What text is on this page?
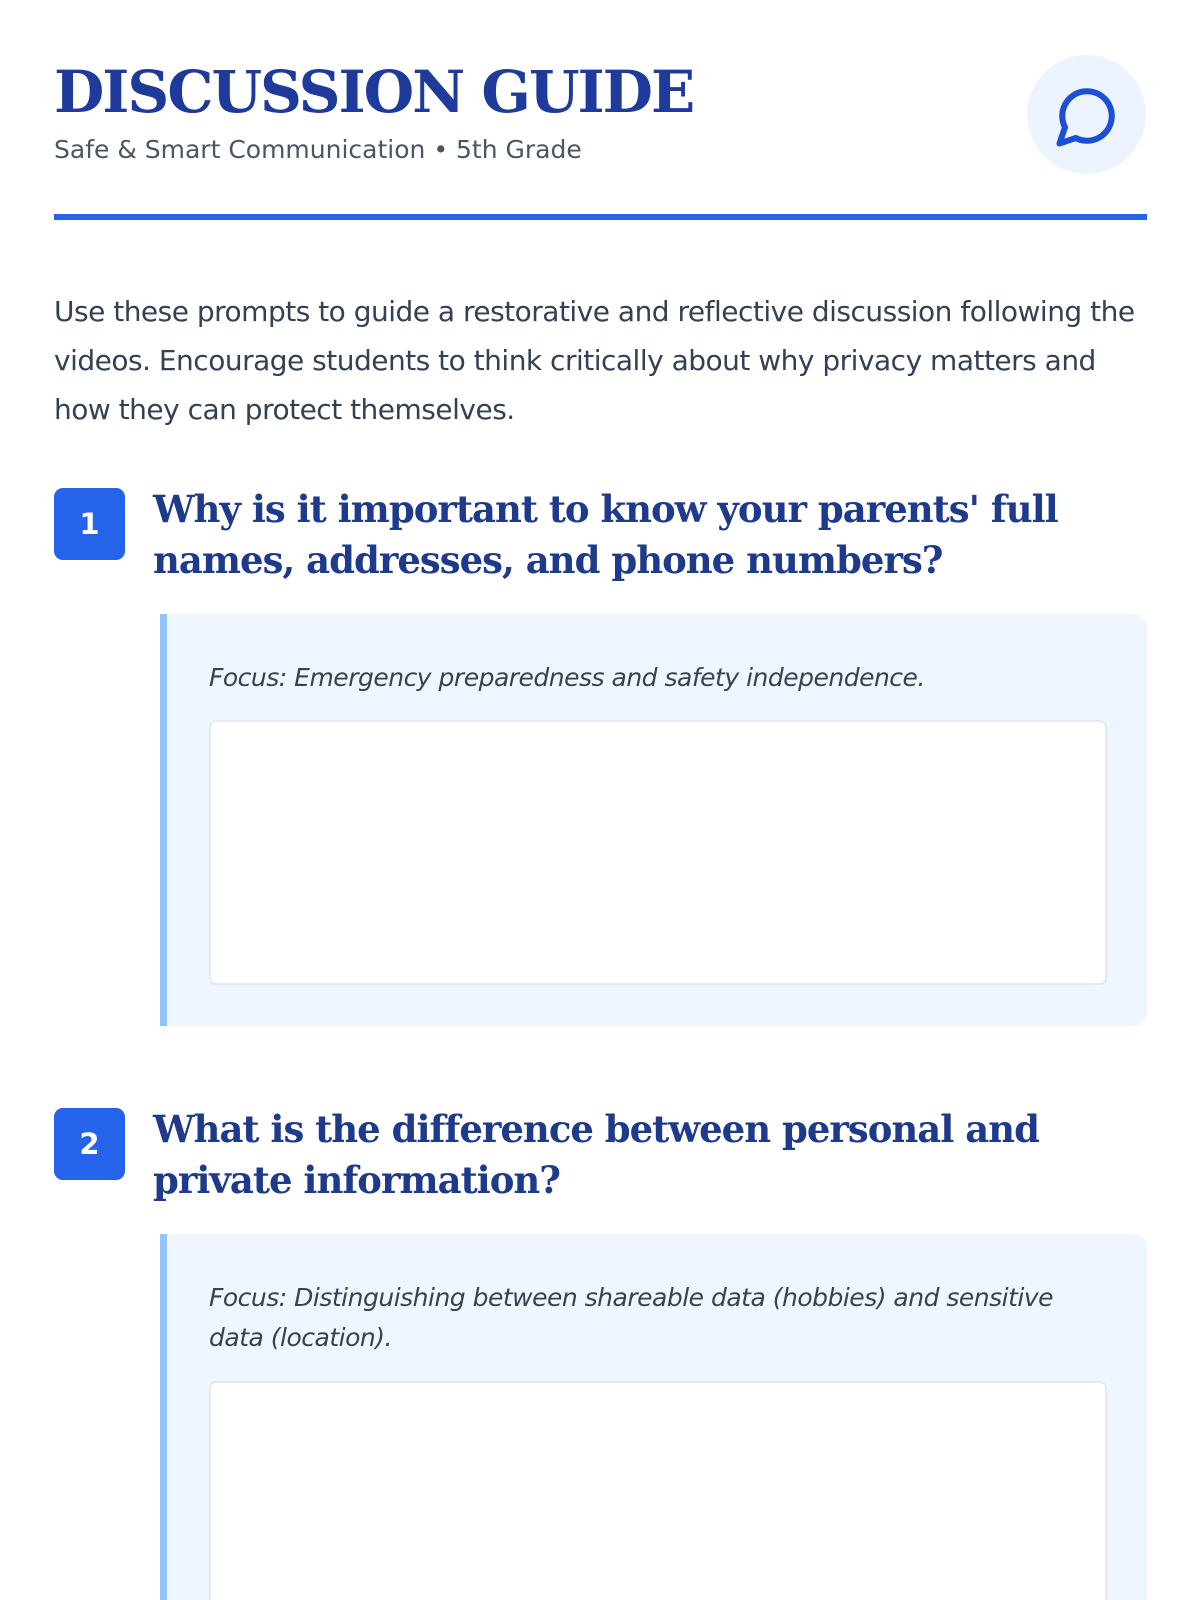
DISCUSSION GUIDE
Safe & Smart Communication • 5th Grade

Use these prompts to guide a restorative and reflective discussion following the videos. Encourage students to think critically about why privacy matters and how they can protect themselves.

1	Why is it important to know your parents' full names, addresses, and phone numbers?

Focus: Emergency preparedness and safety independence.

2	What is the difference between personal and private information?

Focus: Distinguishing between shareable data (hobbies) and sensitive data (location).
